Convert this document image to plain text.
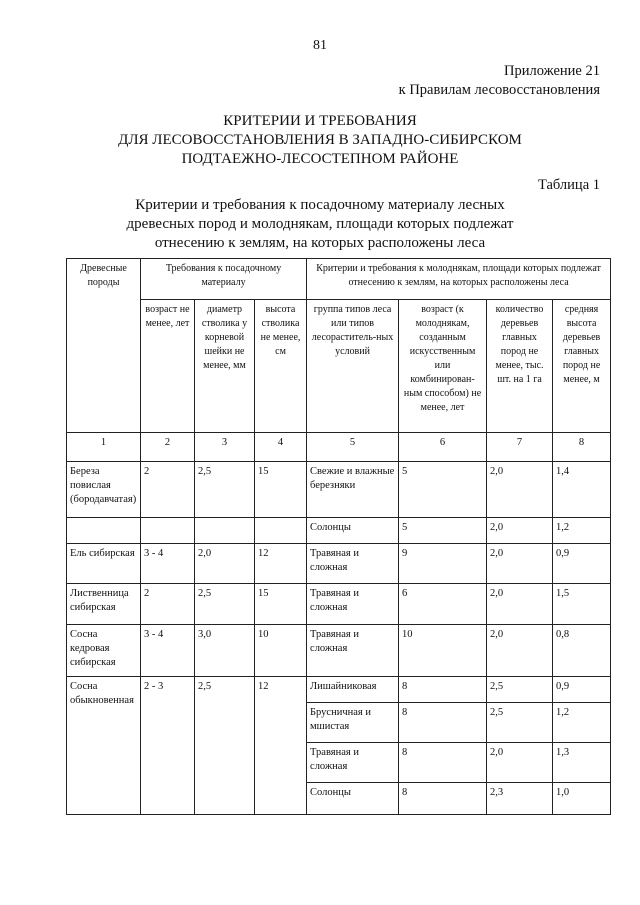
81
Приложение 21
к Правилам лесовосстановления
КРИТЕРИИ И ТРЕБОВАНИЯ
ДЛЯ ЛЕСОВОССТАНОВЛЕНИЯ В ЗАПАДНО-СИБИРСКОМ
ПОДТАЕЖНО-ЛЕСОСТЕПНОМ РАЙОНЕ
Таблица 1
Критерии и требования к посадочному материалу лесных
древесных пород и молоднякам, площади которых подлежат
отнесению к землям, на которых расположены леса
Древесные породы	Требования к посадочному материалу			Критерии и требования к молоднякам, площади которых подлежат отнесению к землям, на которых расположены леса			
	возраст не менее, лет	диаметр стволика у корневой шейки не менее, мм	высота стволика не менее, см	группа типов леса или типов лесораститель-ных условий	возраст (к молоднякам, созданным искусственным или комбинирован-ным способом) не менее, лет	количество деревьев главных пород не менее, тыс. шт. на 1 га	средняя высота деревьев главных пород не менее, м
1	2	3	4	5	6	7	8
Береза повислая (бородавчатая)	2	2,5	15	Свежие и влажные березняки	5	2,0	1,4
				Солонцы	5	2,0	1,2
Ель сибирская	3 - 4	2,0	12	Травяная и сложная	9	2,0	0,9
Лиственница сибирская	2	2,5	15	Травяная и сложная	6	2,0	1,5
Сосна кедровая сибирская	3 - 4	3,0	10	Травяная и сложная	10	2,0	0,8
Сосна обыкновенная	2 - 3	2,5	12	Лишайниковая	8	2,5	0,9
				Брусничная и мшистая	8	2,5	1,2
				Травяная и сложная	8	2,0	1,3
				Солонцы	8	2,3	1,0
